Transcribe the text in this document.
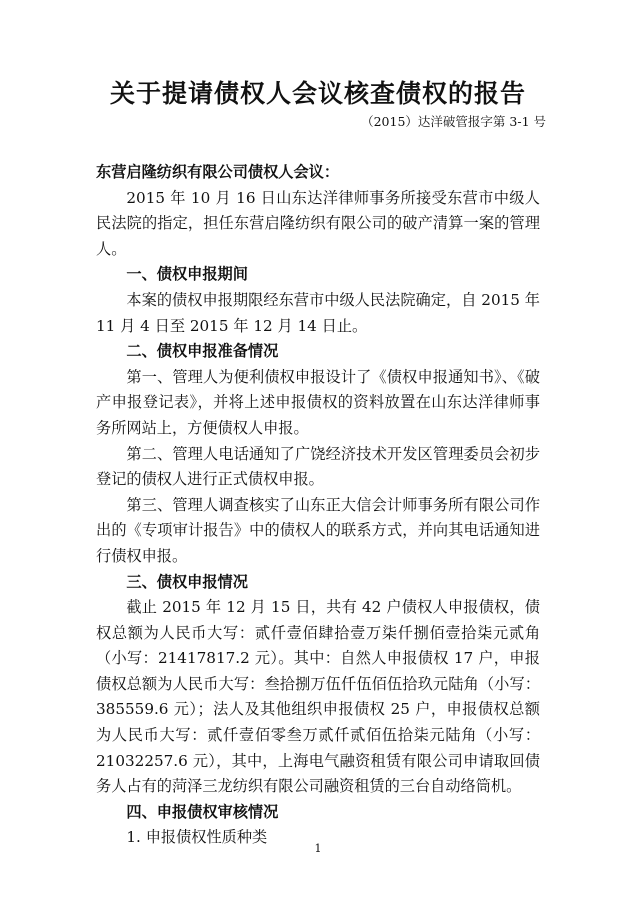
关于提请债权人会议核查债权的报告
（2015）达洋破管报字第 3-1 号

东营启隆纺织有限公司债权人会议：

2015 年 10 月 16 日山东达洋律师事务所接受东营市中级人民法院的指定，担任东营启隆纺织有限公司的破产清算一案的管理人。

一、债权申报期间

本案的债权申报期限经东营市中级人民法院确定，自 2015 年 11 月 4 日至 2015 年 12 月 14 日止。

二、债权申报准备情况

第一、管理人为便利债权申报设计了《债权申报通知书》、《破产申报登记表》，并将上述申报债权的资料放置在山东达洋律师事务所网站上，方便债权人申报。

第二、管理人电话通知了广饶经济技术开发区管理委员会初步登记的债权人进行正式债权申报。

第三、管理人调查核实了山东正大信会计师事务所有限公司作出的《专项审计报告》中的债权人的联系方式，并向其电话通知进行债权申报。

三、债权申报情况

截止 2015 年 12 月 15 日，共有 42 户债权人申报债权，债权总额为人民币大写：贰仟壹佰肆拾壹万柒仟捌佰壹拾柒元贰角（小写：21417817.2 元）。其中：自然人申报债权 17 户，申报债权总额为人民币大写：叁拾捌万伍仟伍佰伍拾玖元陆角（小写：385559.6 元）；法人及其他组织申报债权 25 户，申报债权总额为人民币大写：贰仟壹佰零叁万贰仟贰佰伍拾柒元陆角（小写：21032257.6 元），其中，上海电气融资租赁有限公司申请取回债务人占有的菏泽三龙纺织有限公司融资租赁的三台自动络筒机。

四、申报债权审核情况

1. 申报债权性质种类

1
